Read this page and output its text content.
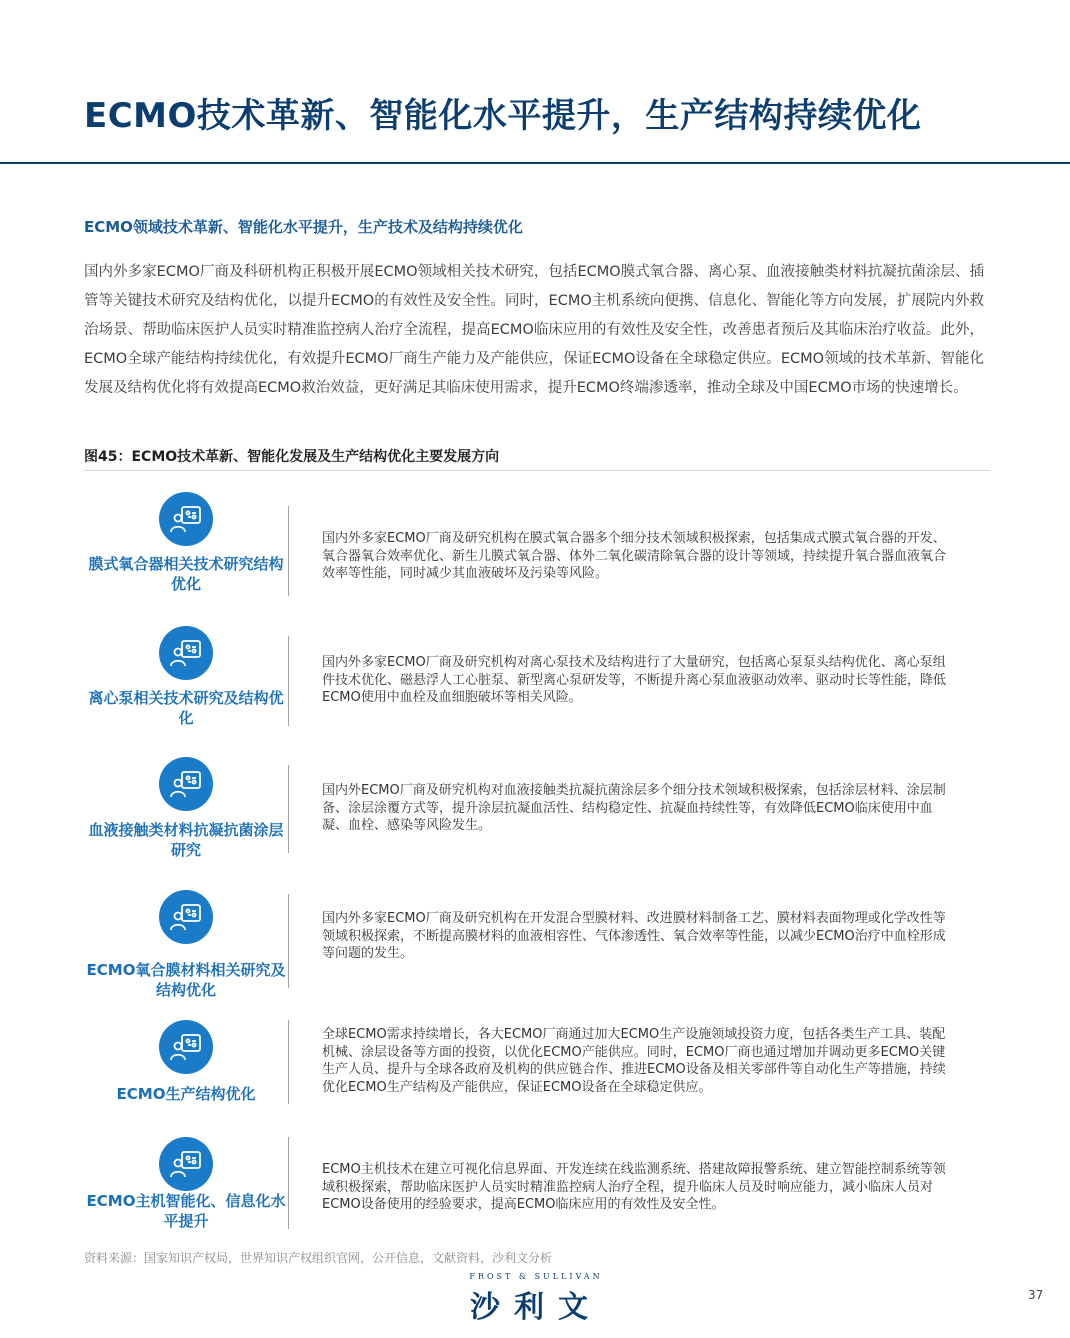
ECMO技术革新、智能化水平提升，生产结构持续优化
ECMO领域技术革新、智能化水平提升，生产技术及结构持续优化

国内外多家ECMO厂商及科研机构正积极开展ECMO领域相关技术研究，包括ECMO膜式氧合器、离心泵、血液接触类材料抗凝抗菌涂层、插管等关键技术研究及结构优化，以提升ECMO的有效性及安全性。同时，ECMO主机系统向便携、信息化、智能化等方向发展，扩展院内外救治场景、帮助临床医护人员实时精准监控病人治疗全流程，提高ECMO临床应用的有效性及安全性，改善患者预后及其临床治疗收益。此外，ECMO全球产能结构持续优化，有效提升ECMO厂商生产能力及产能供应，保证ECMO设备在全球稳定供应。ECMO领域的技术革新、智能化发展及结构优化将有效提高ECMO救治效益，更好满足其临床使用需求，提升ECMO终端渗透率，推动全球及中国ECMO市场的快速增长。

图45：ECMO技术革新、智能化发展及生产结构优化主要发展方向
膜式氧合器相关技术研究结构优化
国内外多家ECMO厂商及研究机构在膜式氧合器多个细分技术领域积极探索，包括集成式膜式氧合器的开发、氧合器氧合效率优化、新生儿膜式氧合器、体外二氧化碳清除氧合器的设计等领域，持续提升氧合器血液氧合效率等性能，同时减少其血液破坏及污染等风险。
离心泵相关技术研究及结构优化
国内外多家ECMO厂商及研究机构对离心泵技术及结构进行了大量研究，包括离心泵泵头结构优化、离心泵组件技术优化、磁悬浮人工心脏泵、新型离心泵研发等，不断提升离心泵血液驱动效率、驱动时长等性能，降低ECMO使用中血栓及血细胞破坏等相关风险。
血液接触类材料抗凝抗菌涂层研究
国内外ECMO厂商及研究机构对血液接触类抗凝抗菌涂层多个细分技术领域积极探索，包括涂层材料、涂层制备、涂层涂覆方式等，提升涂层抗凝血活性、结构稳定性、抗凝血持续性等，有效降低ECMO临床使用中血凝、血栓、感染等风险发生。
ECMO氧合膜材料相关研究及结构优化
国内外多家ECMO厂商及研究机构在开发混合型膜材料、改进膜材料制备工艺、膜材料表面物理或化学改性等领域积极探索，不断提高膜材料的血液相容性、气体渗透性、氧合效率等性能，以减少ECMO治疗中血栓形成等问题的发生。
ECMO生产结构优化
全球ECMO需求持续增长，各大ECMO厂商通过加大ECMO生产设施领域投资力度，包括各类生产工具、装配机械、涂层设备等方面的投资，以优化ECMO产能供应。同时，ECMO厂商也通过增加并调动更多ECMO关键生产人员、提升与全球各政府及机构的供应链合作、推进ECMO设备及相关零部件等自动化生产等措施，持续优化ECMO生产结构及产能供应，保证ECMO设备在全球稳定供应。
ECMO主机智能化、信息化水平提升
ECMO主机技术在建立可视化信息界面、开发连续在线监测系统、搭建故障报警系统、建立智能控制系统等领域积极探索，帮助临床医护人员实时精准监控病人治疗全程，提升临床人员及时响应能力，减小临床人员对ECMO设备使用的经验要求，提高ECMO临床应用的有效性及安全性。
资料来源：国家知识产权局，世界知识产权组织官网，公开信息，文献资料，沙利文分析
FROST & SULLIVAN
沙利文	37
